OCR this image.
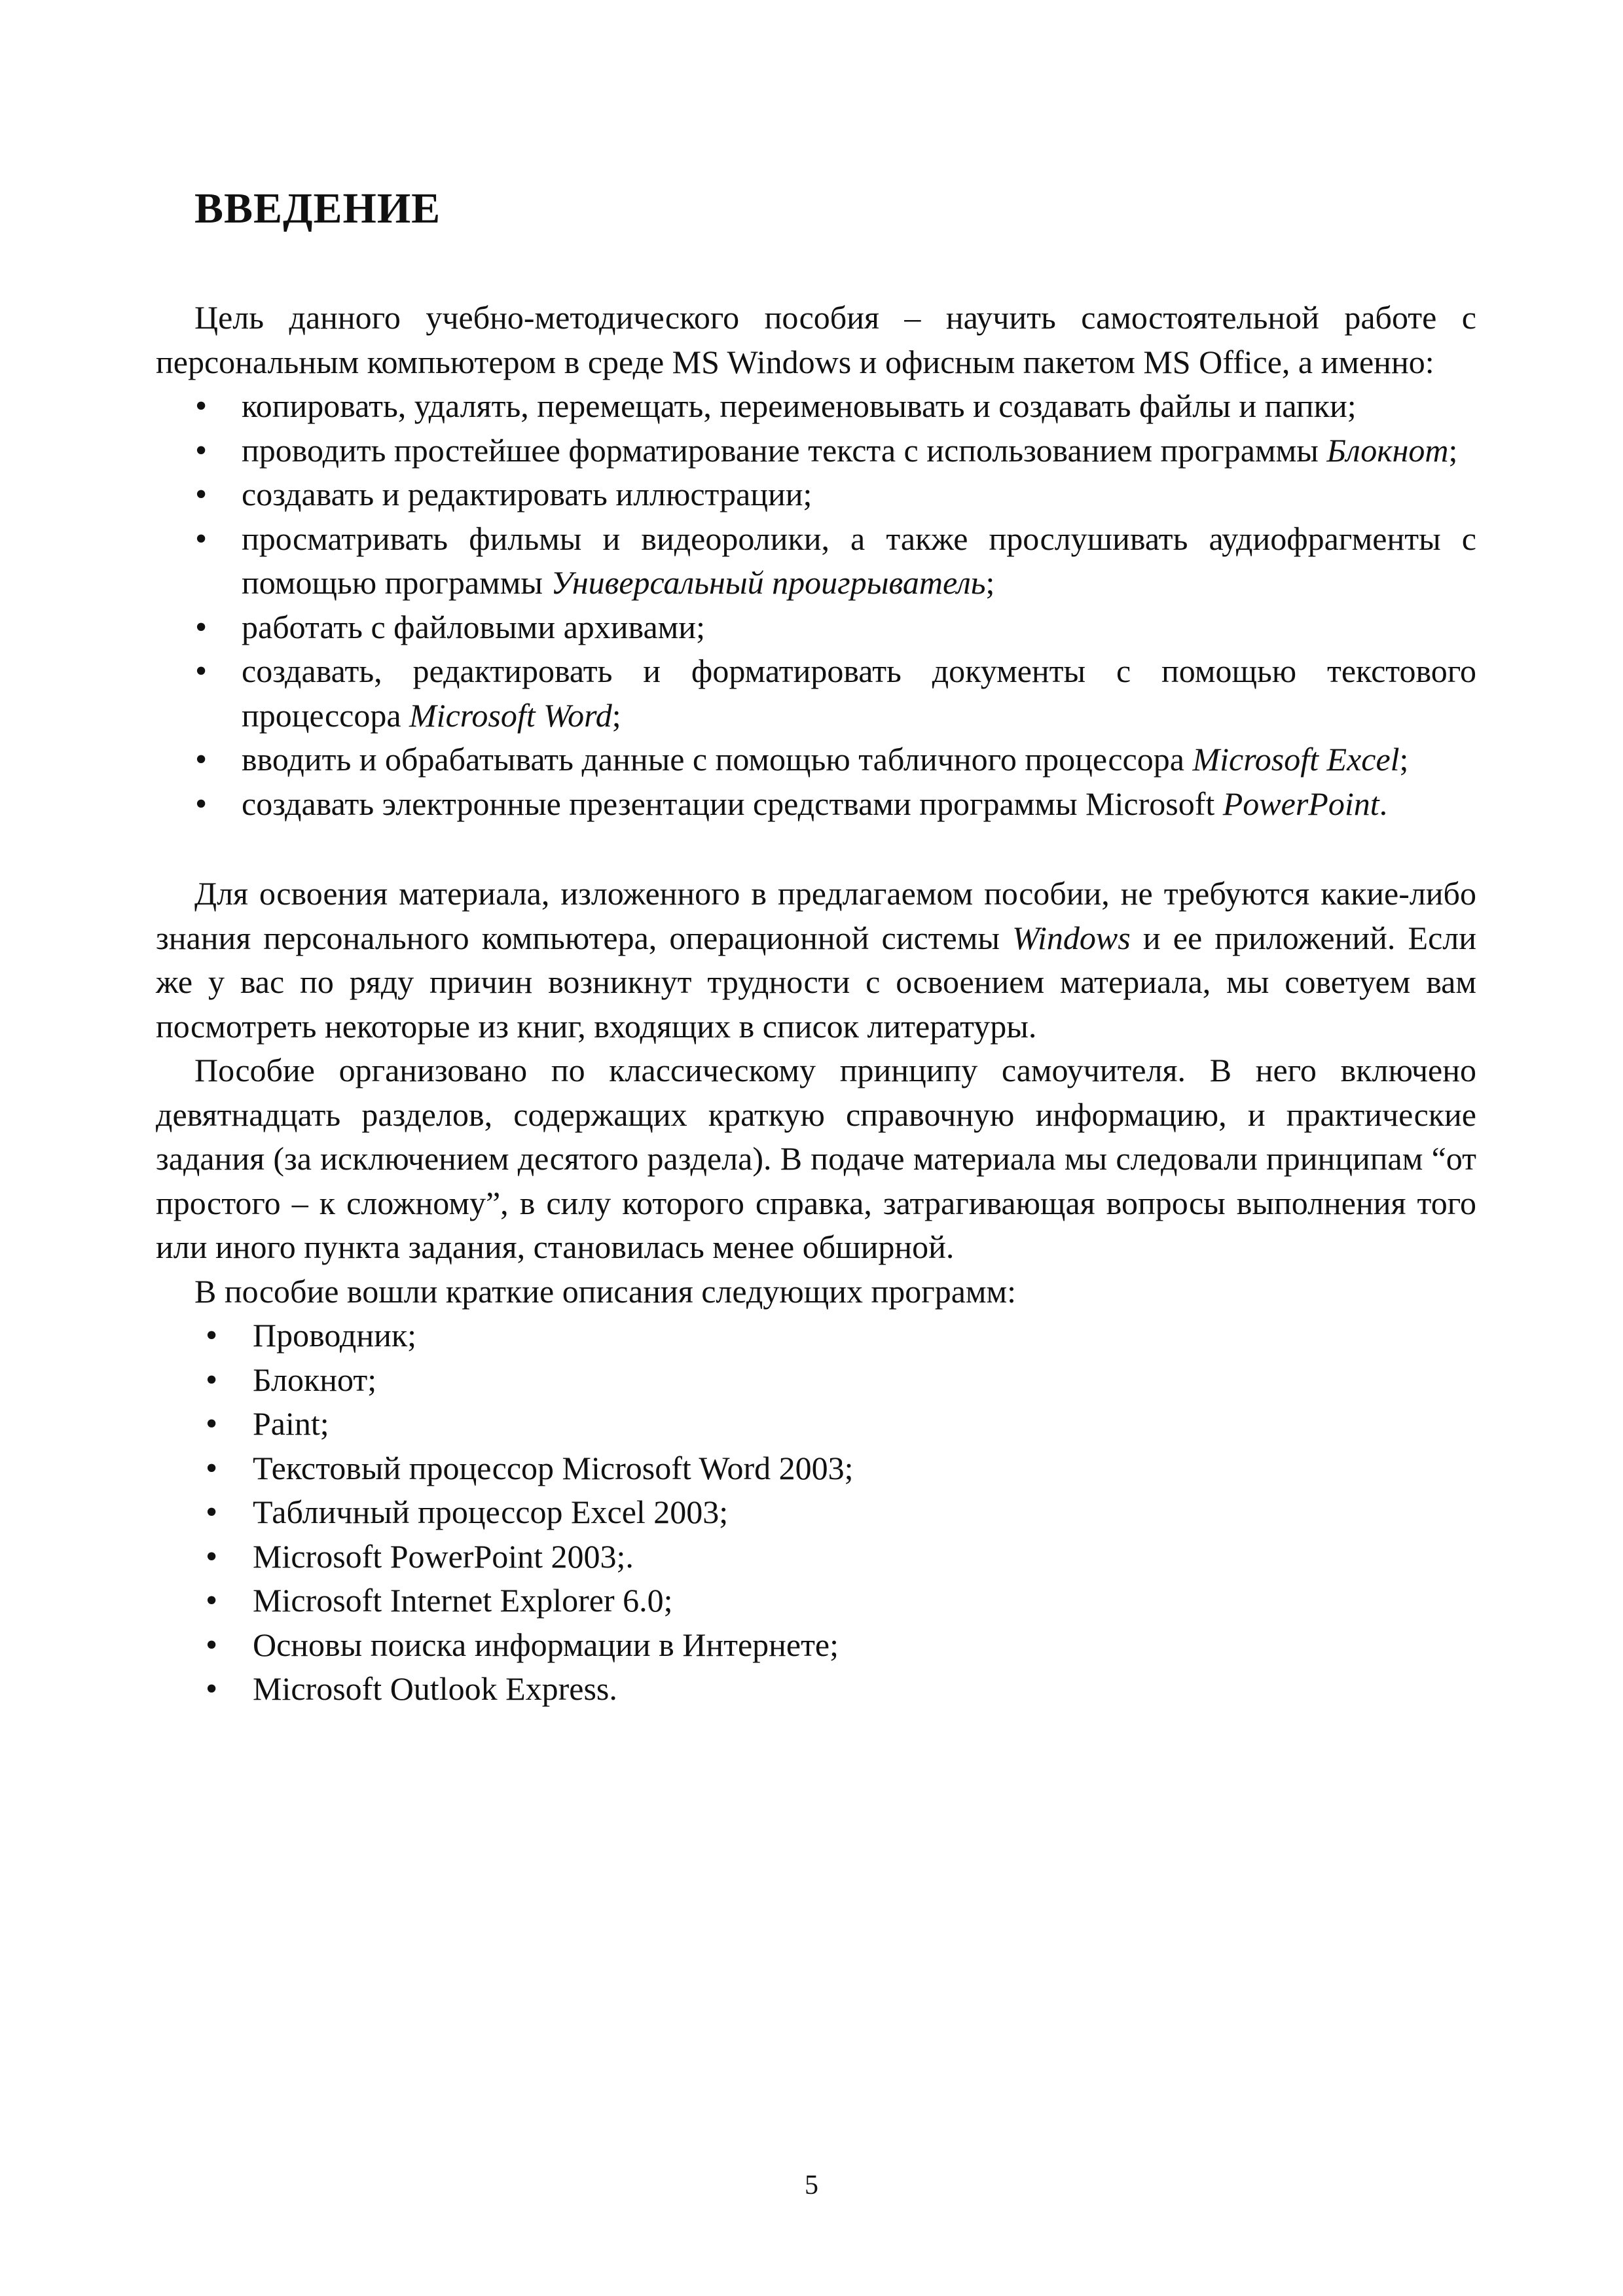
ВВЕДЕНИЕ

Цель данного учебно-методического пособия – научить самостоятельной работе с персональным компьютером в среде MS Windows и офисным пакетом MS Office, а именно:

• копировать, удалять, перемещать, переименовывать и создавать файлы и папки;
• проводить простейшее форматирование текста с использованием программы Блокнот;
• создавать и редактировать иллюстрации;
• просматривать фильмы и видеоролики, а также прослушивать аудиофрагменты с помощью программы Универсальный проигрыватель;
• работать с файловыми архивами;
• создавать, редактировать и форматировать документы с помощью текстового процессора Microsoft Word;
• вводить и обрабатывать данные с помощью табличного процессора Microsoft Excel;
• создавать электронные презентации средствами программы Microsoft PowerPoint.

Для освоения материала, изложенного в предлагаемом пособии, не требуются какие-либо знания персонального компьютера, операционной системы Windows и ее приложений. Если же у вас по ряду причин возникнут трудности с освоением материала, мы советуем вам посмотреть некоторые из книг, входящих в список литературы.

Пособие организовано по классическому принципу самоучителя. В него включено девятнадцать разделов, содержащих краткую справочную информацию, и практические задания (за исключением десятого раздела). В подаче материала мы следовали принципам “от простого – к сложному”, в силу которого справка, затрагивающая вопросы выполнения того или иного пункта задания, становилась менее обширной.

В пособие вошли краткие описания следующих программ:

• Проводник;
• Блокнот;
• Paint;
• Текстовый процессор Microsoft Word 2003;
• Табличный процессор Excel 2003;
• Microsoft PowerPoint 2003;.
• Microsoft Internet Explorer 6.0;
• Основы поиска информации в Интернете;
• Microsoft Outlook Express.
5
